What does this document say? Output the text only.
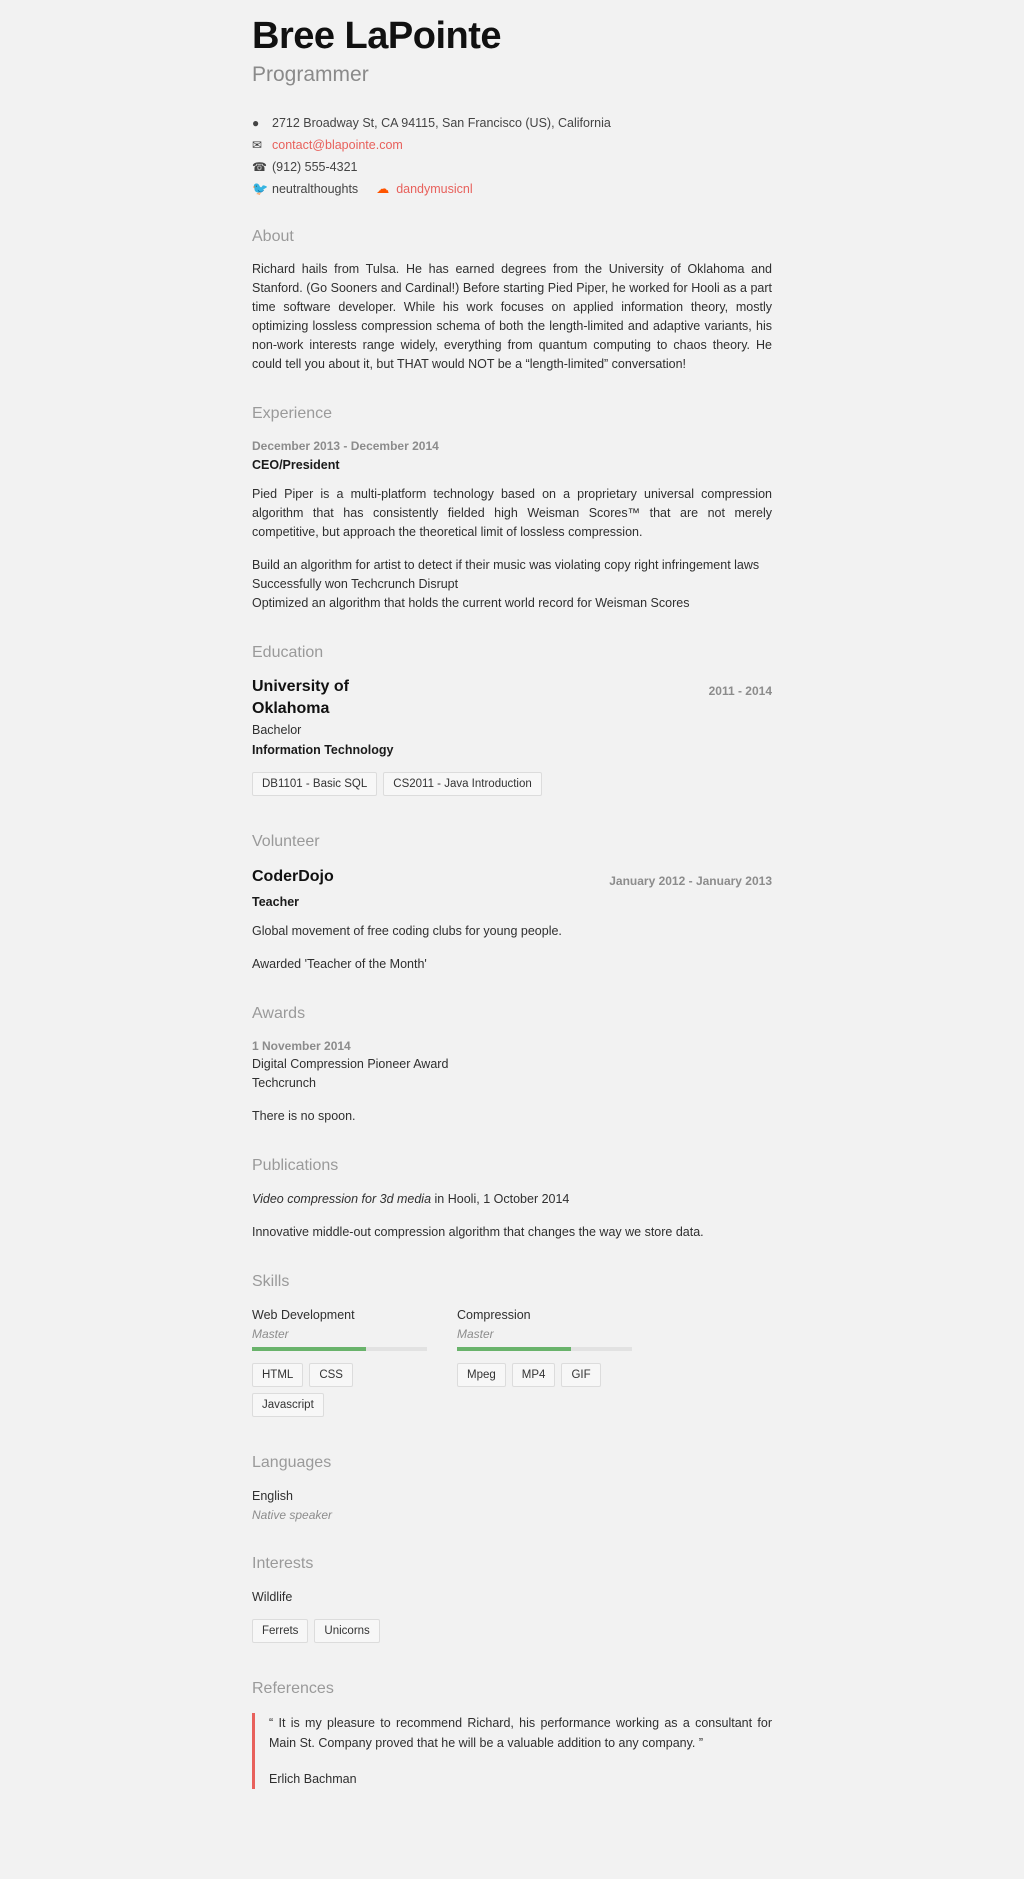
Bree LaPointe
Programmer
●︎	2712 Broadway St, CA 94115, San Francisco (US), California
✉︎ contact@blapointe.com
☎︎ (912) 555-4321
🐦 neutralthoughts ☁︎ dandymusicnl
About

Richard hails from Tulsa. He has earned degrees from the University of Oklahoma and Stanford. (Go Sooners and Cardinal!) Before starting Pied Piper, he worked for Hooli as a part time software developer. While his work focuses on applied information theory, mostly optimizing lossless compression schema of both the length-limited and adaptive variants, his non-work interests range widely, everything from quantum computing to chaos theory. He could tell you about it, but THAT would NOT be a “length-limited” conversation!

Experience
December 2013 - December 2014
CEO/President

Pied Piper is a multi-platform technology based on a proprietary universal compression algorithm that has consistently fielded high Weisman Scores™ that are not merely competitive, but approach the theoretical limit of lossless compression.

Build an algorithm for artist to detect if their music was violating copy right infringement laws
Successfully won Techcrunch Disrupt
Optimized an algorithm that holds the current world record for Weisman Scores
Education
University of Oklahoma
2011 - 2014
Bachelor
Information Technology
DB1101 - Basic SQL	CS2011 - Java Introduction
Volunteer
CoderDojo	January 2012 - January 2013
Teacher

Global movement of free coding clubs for young people.

Awarded 'Teacher of the Month'
Awards
1 November 2014
Digital Compression Pioneer Award
Techcrunch

There is no spoon.

Publications
Video compression for 3d media in Hooli, 1 October 2014

Innovative middle-out compression algorithm that changes the way we store data.

Skills
Web Development
Master
HTML	CSS
Javascript
Compression
Master
Mpeg	MP4	GIF
Languages
English
Native speaker
Interests
Wildlife
Ferrets	Unicorns
References

“ It is my pleasure to recommend Richard, his performance working as a consultant for Main St. Company proved that he will be a valuable addition to any company. ”

Erlich Bachman
